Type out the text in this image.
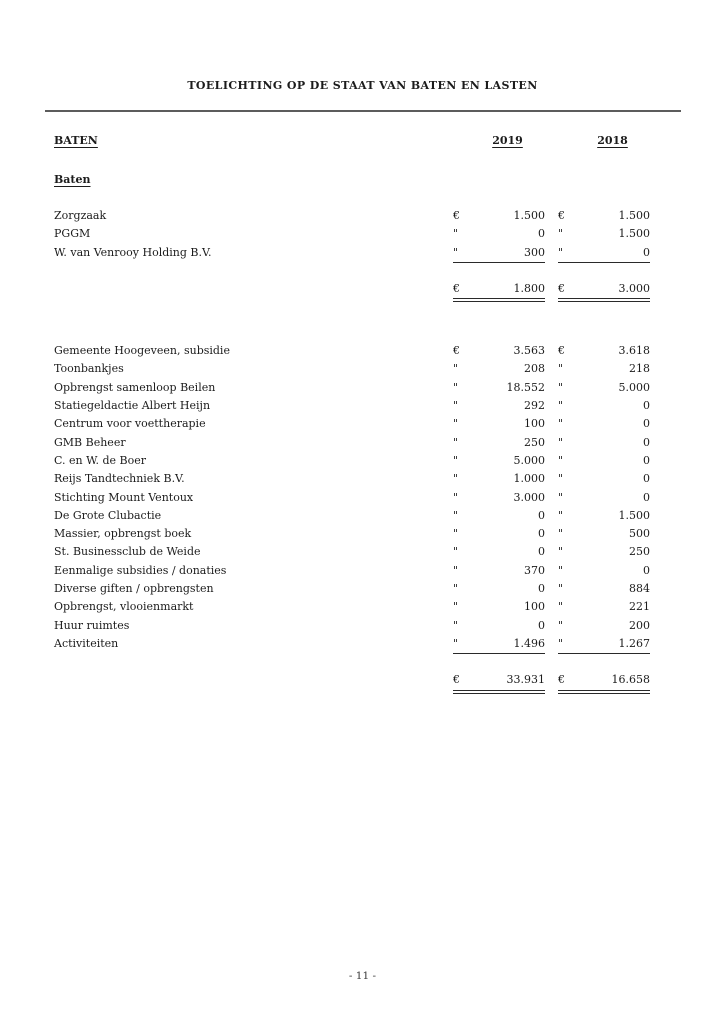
TOELICHTING OP DE STAAT VAN BATEN EN LASTEN
BATEN	2019	2018
Baten
Zorgzaak	€	1.500 €	1.500
PGGM	"	0 "	1.500
W. van Venrooy Holding B.V.	"	300 "	0
€	1.800 €	3.000
Gemeente Hoogeveen, subsidie	€	3.563 €	3.618
Toonbankjes	"	208 "	218
Opbrengst samenloop Beilen	"	18.552 "	5.000
Statiegeldactie Albert Heijn	"	292 "	0
Centrum voor voettherapie	"	100 "	0
GMB Beheer	"	250 "	0
C. en W. de Boer	"	5.000 "	0
Reijs Tandtechniek B.V.	"	1.000 "	0
Stichting Mount Ventoux	"	3.000 "	0
De Grote Clubactie	"	0 "	1.500
Massier, opbrengst boek	"	0 "	500
St. Businessclub de Weide	"	0 "	250
Eenmalige subsidies / donaties	"	370 "	0
Diverse giften / opbrengsten	"	0 "	884
Opbrengst, vlooienmarkt	"	100 "	221
Huur ruimtes	"	0 "	200
Activiteiten	"	1.496 "	1.267
€	33.931 €	16.658
- 11 -
